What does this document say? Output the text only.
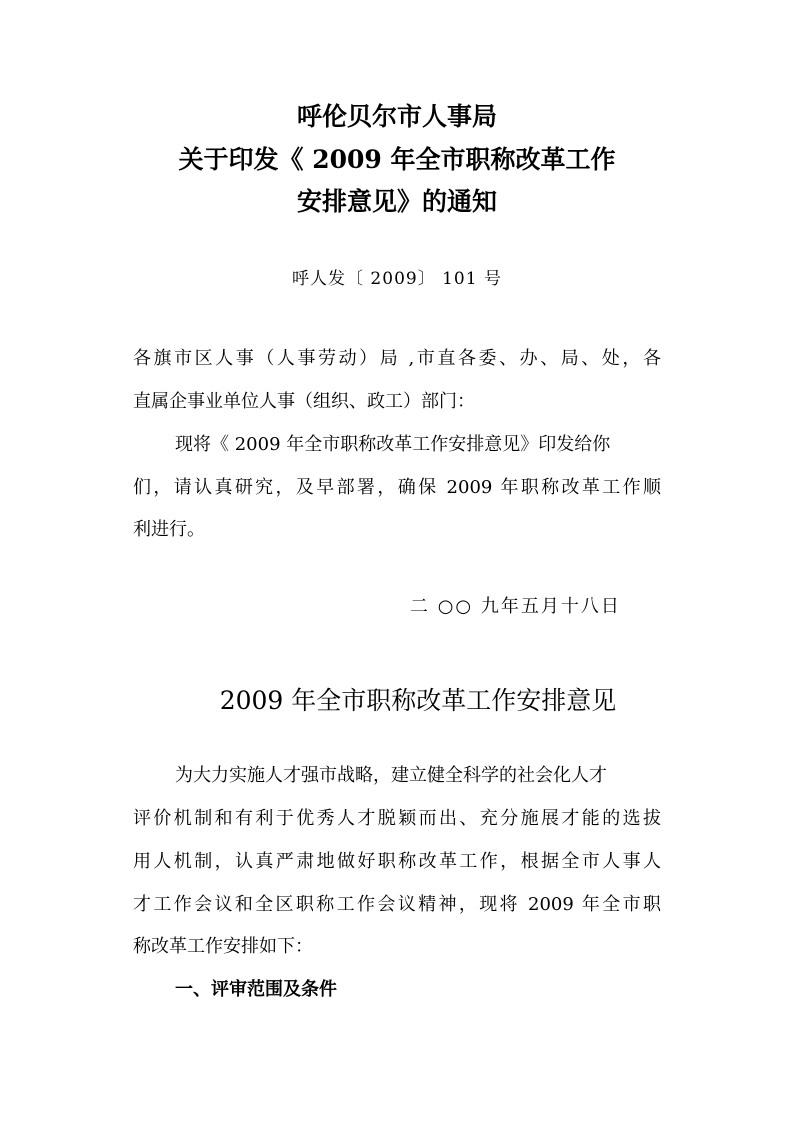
呼伦贝尔市人事局
关于印发《 2009 年全市职称改革工作
安排意见》的通知
呼人发〔 2009〕 101 号
各旗市区人事（人事劳动）局 ,市直各委、办、局、处，各
直属企事业单位人事（组织、政工）部门：
现将《 2009 年全市职称改革工作安排意见》印发给你
们，请认真研究，及早部署，确保 2009 年职称改革工作顺
利进行。
二 ○○ 九年五月十八日
2009 年全市职称改革工作安排意见
为大力实施人才强市战略，建立健全科学的社会化人才
评价机制和有利于优秀人才脱颖而出、充分施展才能的选拔
用人机制，认真严肃地做好职称改革工作，根据全市人事人
才工作会议和全区职称工作会议精神，现将 2009 年全市职
称改革工作安排如下：
一、评审范围及条件
